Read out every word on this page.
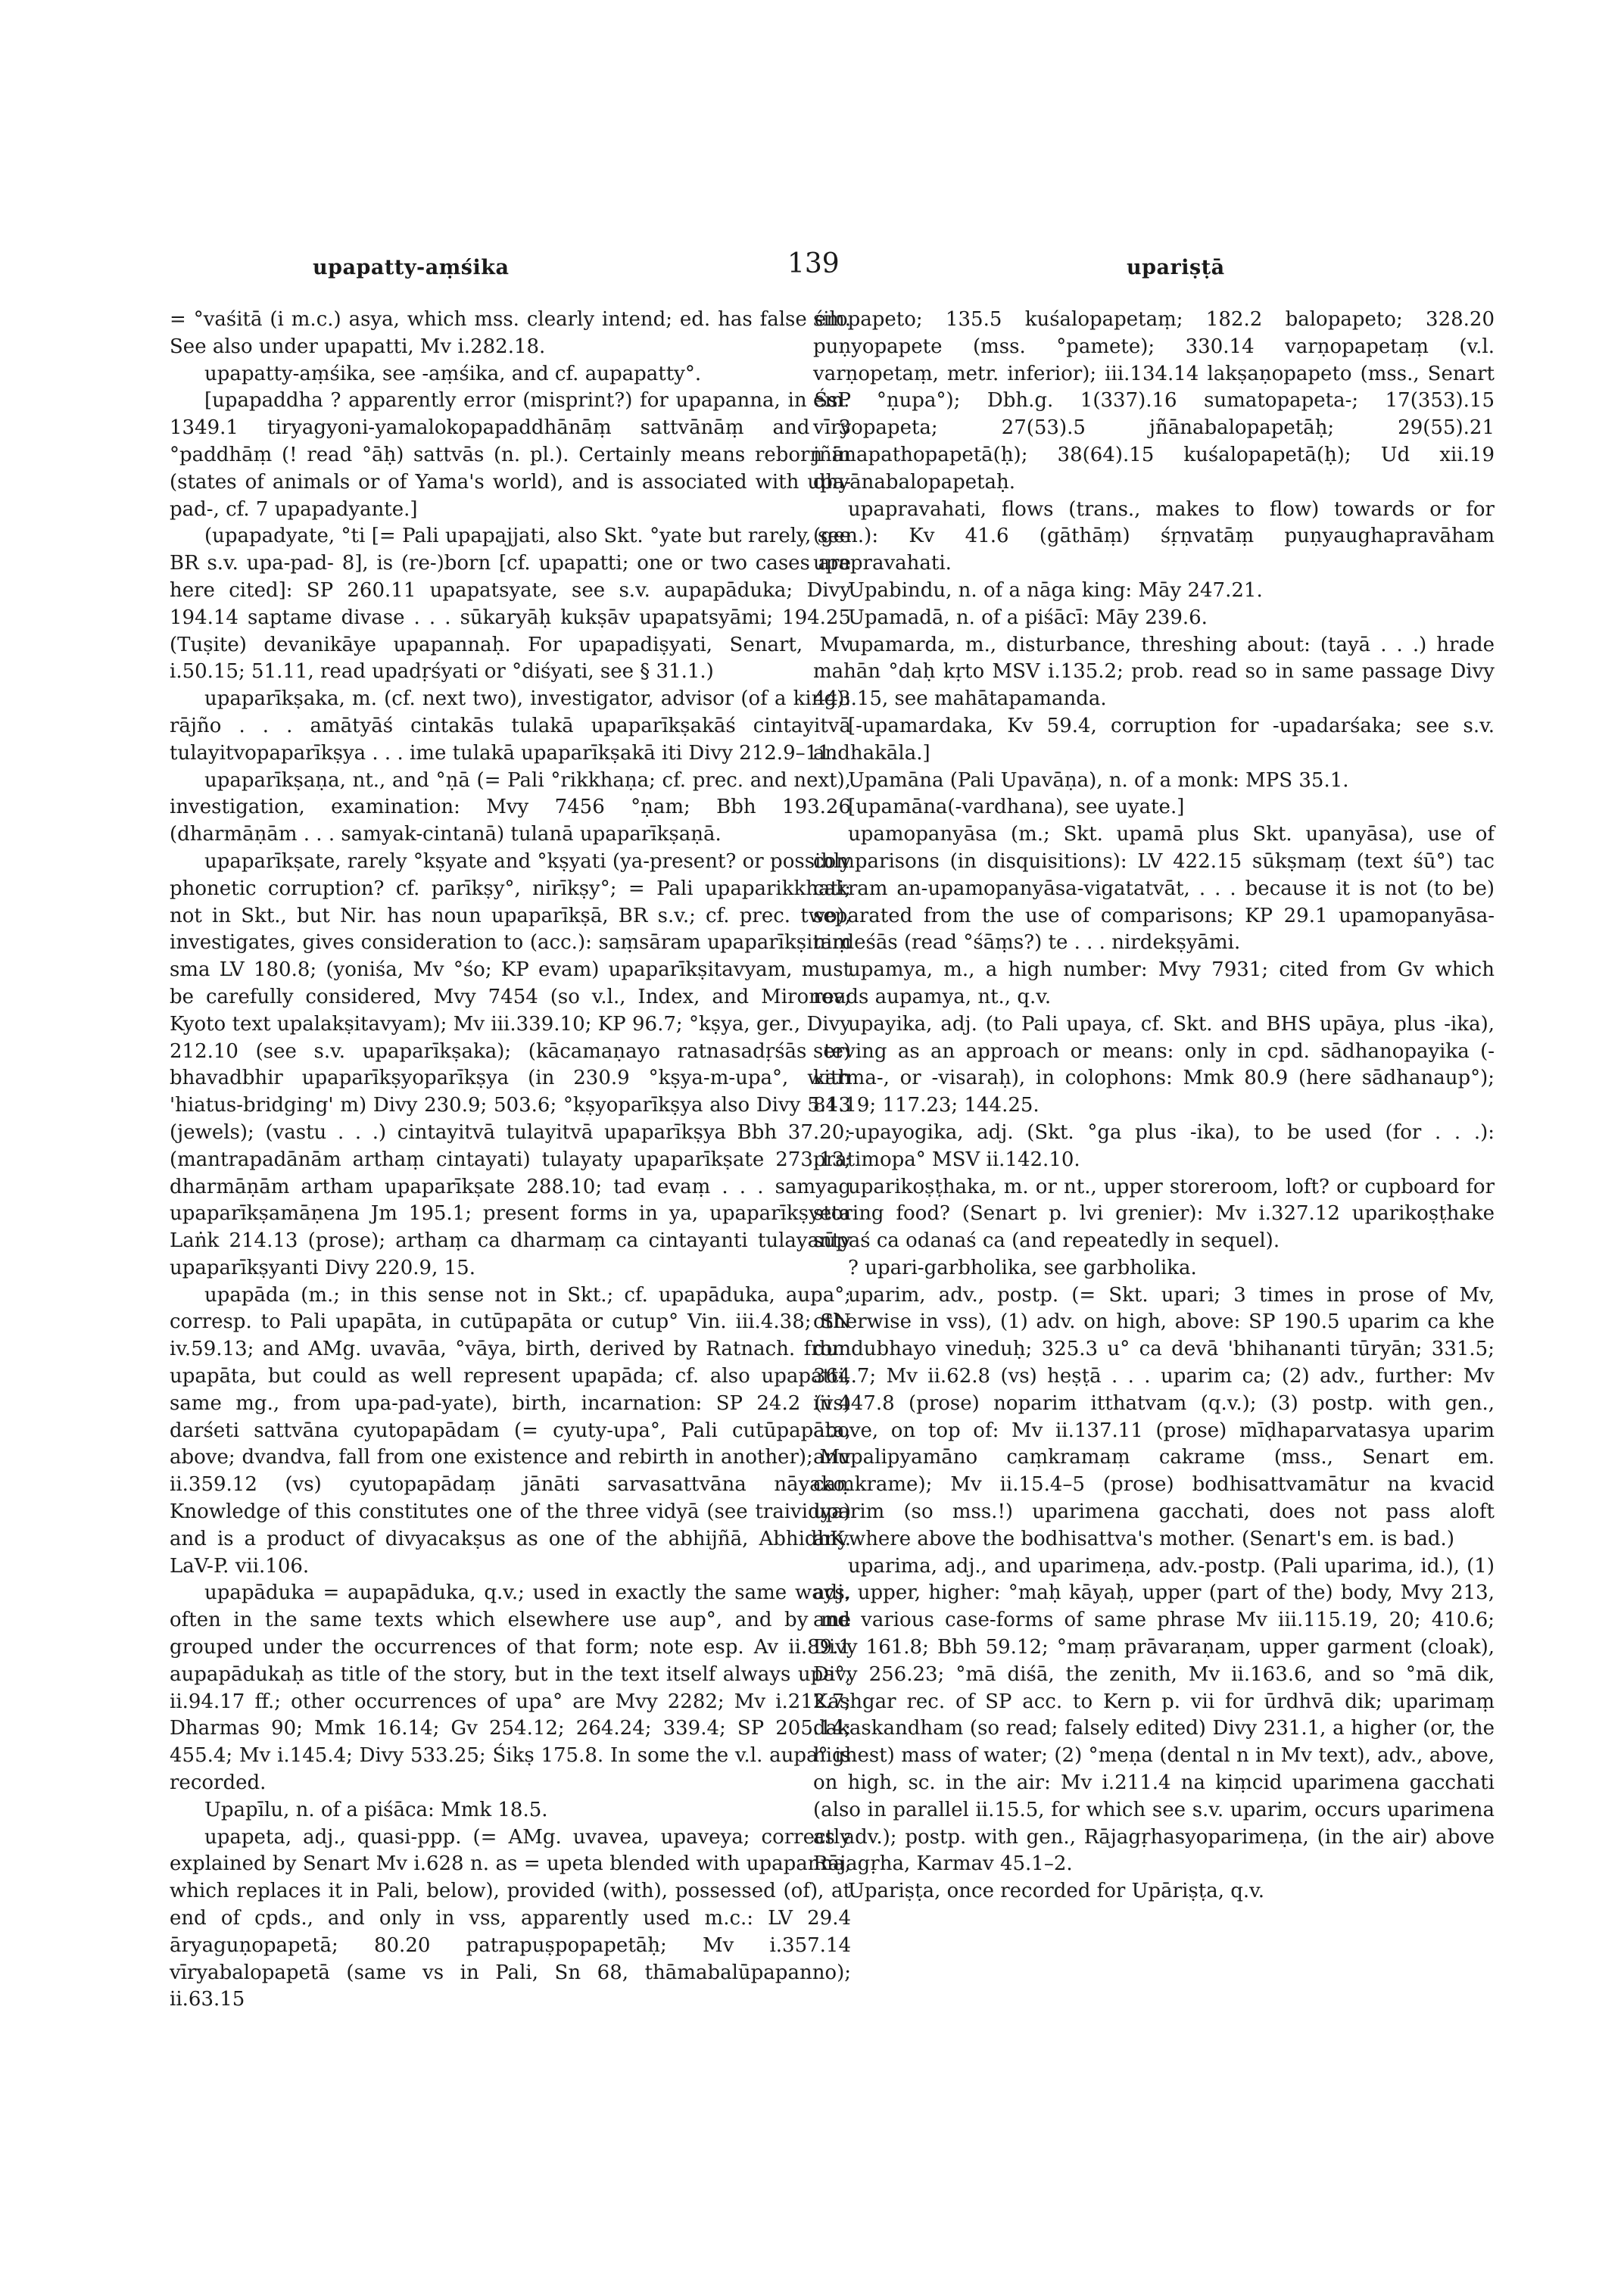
upapatty-aṃśika	139	upariṣṭā

= °vaśitā (i m.c.) asya, which mss. clearly intend; ed. has false em. See also under upapatti, Mv i.282.18.

upapatty-aṃśika, see -aṃśika, and cf. aupapatty°.

[upapaddha ? apparently error (misprint?) for upapanna, in ŚsP 1349.1 tiryagyoni-yamalokopapaddhānāṃ sattvānāṃ and 3 °paddhāṃ (! read °āḥ) sattvās (n. pl.). Certainly means reborn in (states of animals or of Yama's world), and is associated with upa-pad-, cf. 7 upapadyante.]

(upapadyate, °ti [= Pali upapajjati, also Skt. °yate but rarely, see BR s.v. upa-pad- 8], is (re-)born [cf. upapatti; one or two cases are here cited]: SP 260.11 upapatsyate, see s.v. aupapāduka; Divy 194.14 saptame divase . . . sūkaryāḥ kukṣāv upapatsyāmi; 194.25 (Tuṣite) devanikāye upapannaḥ. For upapadiṣyati, Senart, Mv i.50.15; 51.11, read upadṛśyati or °diśyati, see § 31.1.)

upaparīkṣaka, m. (cf. next two), investigator, advisor (of a king): rājño . . . amātyāś cintakās tulakā upaparīkṣakāś cintayitvā tulayitvopaparīkṣya . . . ime tulakā upaparīkṣakā iti Divy 212.9–11.

upaparīkṣaṇa, nt., and °ṇā (= Pali °rikkhaṇa; cf. prec. and next), investigation, examination: Mvy 7456 °ṇam; Bbh 193.26 (dharmāṇām . . . samyak-cintanā) tulanā upaparīkṣaṇā.

upaparīkṣate, rarely °kṣyate and °kṣyati (ya-present? or possibly phonetic corruption? cf. parīkṣy°, nirīkṣy°; = Pali upaparikkhati; not in Skt., but Nir. has noun upaparīkṣā, BR s.v.; cf. prec. two), investigates, gives consideration to (acc.): saṃsāram upaparīkṣitaṃ sma LV 180.8; (yoniśa, Mv °śo; KP evam) upaparīkṣitavyam, must be carefully considered, Mvy 7454 (so v.l., Index, and Mironov; Kyoto text upalakṣitavyam); Mv iii.339.10; KP 96.7; °kṣya, ger., Divy 212.10 (see s.v. upaparīkṣaka); (kācamaṇayo ratnasadṛśās te) bhavadbhir upaparīkṣyoparīkṣya (in 230.9 °kṣya-m-upa°, with 'hiatus-bridging' m) Divy 230.9; 503.6; °kṣyoparīkṣya also Divy 5.13 (jewels); (vastu . . .) cintayitvā tulayitvā upaparīkṣya Bbh 37.20; (mantrapadānām arthaṃ cintayati) tulayaty upaparīkṣate 273.13; dharmāṇām artham upaparīkṣate 288.10; tad evaṃ . . . samyag upaparīkṣamāṇena Jm 195.1; present forms in ya, upaparīkṣyeta Laṅk 214.13 (prose); arthaṃ ca dharmaṃ ca cintayanti tulayanty upaparīkṣyanti Divy 220.9, 15.

upapāda (m.; in this sense not in Skt.; cf. upapāduka, aupa°; corresp. to Pali upapāta, in cutūpapāta or cutup° Vin. iii.4.38; SN iv.59.13; and AMg. uvavāa, °vāya, birth, derived by Ratnach. from upapāta, but could as well represent upapāda; cf. also upapatti, same mg., from upa-pad-yate), birth, incarnation: SP 24.2 (vs) darśeti sattvāna cyutopapādam (= cyuty-upa°, Pali cutūpapāta, above; dvandva, fall from one existence and rebirth in another); Mv ii.359.12 (vs) cyutopapādaṃ jānāti sarvasattvāna nāyako. Knowledge of this constitutes one of the three vidyā (see traividya) and is a product of divyacakṣus as one of the abhijñā, AbhidhK. LaV-P. vii.106.

upapāduka = aupapāduka, q.v.; used in exactly the same ways, often in the same texts which elsewhere use aup°, and by me grouped under the occurrences of that form; note esp. Av ii.89.1 aupapādukaḥ as title of the story, but in the text itself always upa°, ii.94.17 ff.; other occurrences of upa° are Mvy 2282; Mv i.212.7; Dharmas 90; Mmk 16.14; Gv 254.12; 264.24; 339.4; SP 205.14; 455.4; Mv i.145.4; Divy 533.25; Śikṣ 175.8. In some the v.l. aupa° is recorded.

Upapīlu, n. of a piśāca: Mmk 18.5.

upapeta, adj., quasi-ppp. (= AMg. uvavea, upaveya; correctly explained by Senart Mv i.628 n. as = upeta blended with upapanna, which replaces it in Pali, below), provided (with), possessed (of), at end of cpds., and only in vss, apparently used m.c.: LV 29.4 āryaguṇopapetā; 80.20 patrapuṣpopapetāḥ; Mv i.357.14 vīryabalopapetā (same vs in Pali, Sn 68, thāmabalūpapanno); ii.63.15

śilopapeto; 135.5 kuśalopapetaṃ; 182.2 balopapeto; 328.20 puṇyopapete (mss. °pamete); 330.14 varṇopapetaṃ (v.l. varṇopetaṃ, metr. inferior); iii.134.14 lakṣaṇopapeto (mss., Senart em. °ṇupa°); Dbh.g. 1(337).16 sumatopapeta-; 17(353).15 vīryopapeta; 27(53).5 jñānabalopapetāḥ; 29(55).21 jñānapathopapetā(ḥ); 38(64).15 kuśalopapetā(ḥ); Ud xii.19 dhyānabalopapetaḥ.

upapravahati, flows (trans., makes to flow) towards or for (gen.): Kv 41.6 (gāthāṃ) śṛṇvatāṃ puṇyaughapravāham upapravahati.

Upabindu, n. of a nāga king: Māy 247.21.

Upamadā, n. of a piśācī: Māy 239.6.

upamarda, m., disturbance, threshing about: (tayā . . .) hrade mahān °daḥ kṛto MSV i.135.2; prob. read so in same passage Divy 443.15, see mahātapamanda.

[-upamardaka, Kv 59.4, corruption for -upadarśaka; see s.v. andhakāla.]

Upamāna (Pali Upavāṇa), n. of a monk: MPS 35.1.

[upamāna(-vardhana), see uyate.]

upamopanyāsa (m.; Skt. upamā plus Skt. upanyāsa), use of comparisons (in disquisitions): LV 422.15 sūkṣmaṃ (text śū°) tac cakram an-upamopanyāsa-vigatatvāt, . . . because it is not (to be) separated from the use of comparisons; KP 29.1 upamopanyāsa-nirdeśās (read °śāṃs?) te . . . nirdekṣyāmi.

upamya, m., a high number: Mvy 7931; cited from Gv which reads aupamya, nt., q.v.

upayika, adj. (to Pali upaya, cf. Skt. and BHS upāya, plus -ika), serving as an approach or means: only in cpd. sādhanopayika (-karma-, or -visaraḥ), in colophons: Mmk 80.9 (here sādhanaup°); 84.19; 117.23; 144.25.

-upayogika, adj. (Skt. °ga plus -ika), to be used (for . . .): pratimopa° MSV ii.142.10.

uparikoṣṭhaka, m. or nt., upper storeroom, loft? or cupboard for storing food? (Senart p. lvi grenier): Mv i.327.12 uparikoṣṭhake sūpaś ca odanaś ca (and repeatedly in sequel).

? upari-garbholika, see garbholika.

uparim, adv., postp. (= Skt. upari; 3 times in prose of Mv, otherwise in vss), (1) adv. on high, above: SP 190.5 uparim ca khe dundubhayo vineduḥ; 325.3 u° ca devā 'bhihananti tūryān; 331.5; 364.7; Mv ii.62.8 (vs) heṣṭā . . . uparim ca; (2) adv., further: Mv iii.447.8 (prose) noparim itthatvam (q.v.); (3) postp. with gen., above, on top of: Mv ii.137.11 (prose) mīḍhaparvatasya uparim anupalipyamāno caṃkramaṃ cakrame (mss., Senart em. caṃkrame); Mv ii.15.4–5 (prose) bodhisattvamātur na kvacid uparim (so mss.!) uparimena gacchati, does not pass aloft anywhere above the bodhisattva's mother. (Senart's em. is bad.)

uparima, adj., and uparimeṇa, adv.-postp. (Pali uparima, id.), (1) adj. upper, higher: °maḥ kāyaḥ, upper (part of the) body, Mvy 213, and various case-forms of same phrase Mv iii.115.19, 20; 410.6; Divy 161.8; Bbh 59.12; °maṃ prāvaraṇam, upper garment (cloak), Divy 256.23; °mā diśā, the zenith, Mv ii.163.6, and so °mā dik, Kashgar rec. of SP acc. to Kern p. vii for ūrdhvā dik; uparimaṃ dakaskandham (so read; falsely edited) Divy 231.1, a higher (or, the highest) mass of water; (2) °meṇa (dental n in Mv text), adv., above, on high, sc. in the air: Mv i.211.4 na kiṃcid uparimena gacchati (also in parallel ii.15.5, for which see s.v. uparim, occurs uparimena as adv.); postp. with gen., Rājagṛhasyoparimeṇa, (in the air) above Rājagṛha, Karmav 45.1–2.

Upariṣṭa, once recorded for Upāriṣṭa, q.v.
